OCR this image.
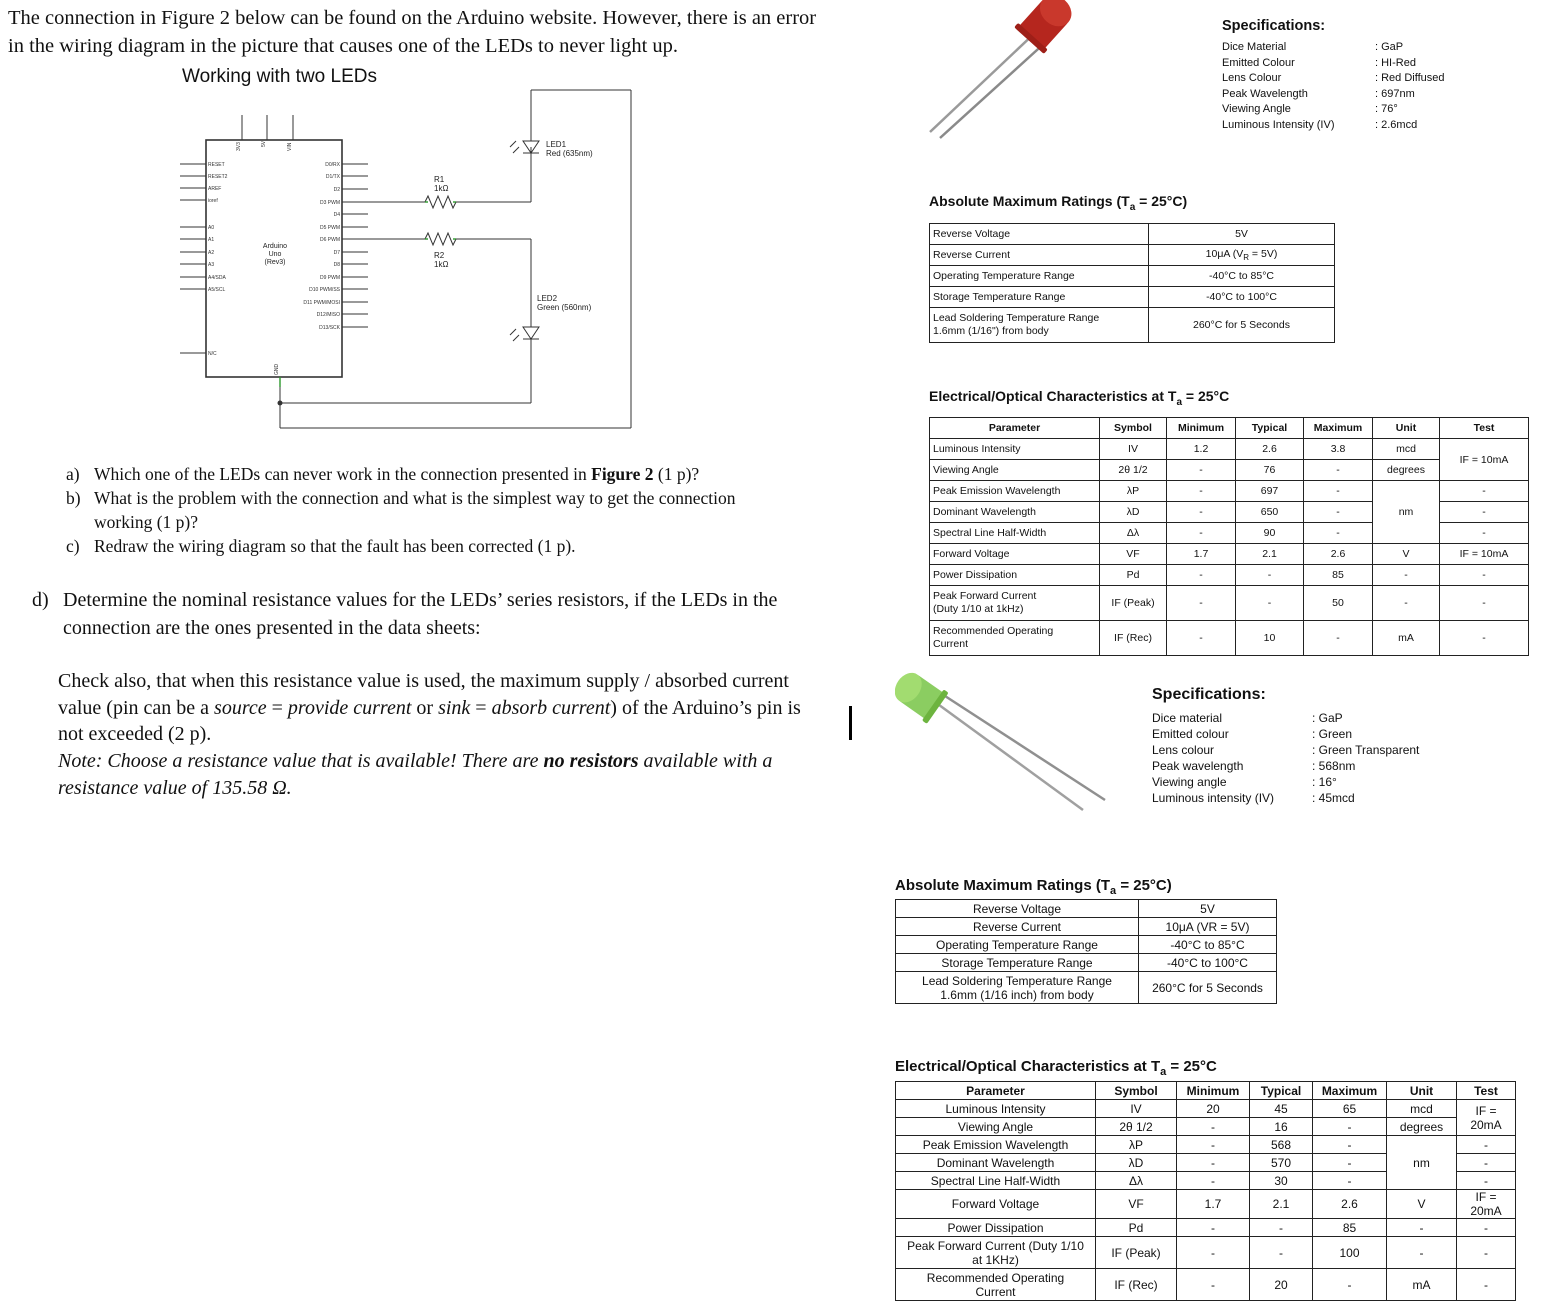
The connection in Figure 2 below can be found on the Arduino website. However, there is an error in the wiring diagram in the picture that causes one of the LEDs to never light up.
Working with two LEDs
3V3	5V	VIN
RESET
RESET2
AREF
ioref
A0
A1
A2
A3
A4/SDA
A5/SCL
N/C
D0/RX
D1/TX
D2
D3 PWM
D4
D5 PWM
D6 PWM
D7
D8
D9 PWM
D10 PWM/SS
D11 PWM/MOSI
D12/MISO
D13/SCK
GND
Arduino
Uno
(Rev3)
R1
1kΩ
R2
1kΩ
LED1
Red (635nm)
LED2
Green (560nm)
a) Which one of the LEDs can never work in the connection presented in Figure 2 (1 p)?
b) What is the problem with the connection and what is the simplest way to get the connection working (1 p)?
c) Redraw the wiring diagram so that the fault has been corrected (1 p).
d) Determine the nominal resistance values for the LEDs’ series resistors, if the LEDs in the connection are the ones presented in the data sheets:
Check also, that when this resistance value is used, the maximum supply / absorbed current value (pin can be a source = provide current or sink = absorb current) of the Arduino’s pin is not exceeded (2 p).
Note: Choose a resistance value that is available! There are no resistors available with a resistance value of 135.58 Ω.
Specifications:
Dice Material	: GaP
Emitted Colour	: HI-Red
Lens Colour	: Red Diffused
Peak Wavelength	: 697nm
Viewing Angle	: 76°
Luminous Intensity (IV)	: 2.6mcd
Absolute Maximum Ratings $(T_a = 25^\circ C)$
Reverse Voltage	5V
Reverse Current	10μA $(V_R = 5V)$
Operating Temperature Range	-40°C to 85°C
Storage Temperature Range	-40°C to 100°C
Lead Soldering Temperature Range
1.6mm (1/16") from body	260°C for 5 Seconds
Electrical/Optical Characteristics at $T_a = 25^\circ C$
Parameter	Symbol	Minimum	Typical	Maximum	Unit	Test
Luminous Intensity	IV	1.2	2.6	3.8	mcd	IF = 10mA
Viewing Angle	2θ 1/2	-	76	-	degrees	
Peak Emission Wavelength	λP	-	697	-	nm	-
Dominant Wavelength	λD	-	650	-		-
Spectral Line Half-Width	Δλ	-	90	-		-
Forward Voltage	VF	1.7	2.1	2.6	V	IF = 10mA
Power Dissipation	Pd	-	-	85	-	-
Peak Forward Current
(Duty 1/10 at 1kHz)	IF (Peak)	-	-	50	-	-
Recommended Operating
Current	IF (Rec)	-	10	-	mA	-
Specifications:
Dice material	: GaP
Emitted colour	: Green
Lens colour	: Green Transparent
Peak wavelength	: 568nm
Viewing angle	: 16°
Luminous intensity (IV)	: 45mcd
Absolute Maximum Ratings $(T_a = 25^\circ C)$
Reverse Voltage	5V
Reverse Current	10μA (VR = 5V)
Operating Temperature Range	-40°C to 85°C
Storage Temperature Range	-40°C to 100°C
Lead Soldering Temperature Range
1.6mm (1/16 inch) from body	260°C for 5 Seconds
Electrical/Optical Characteristics at $T_a = 25^\circ C$
Parameter	Symbol	Minimum	Typical	Maximum	Unit	Test
Luminous Intensity	IV	20	45	65	mcd	IF = 20mA
Viewing Angle	2θ 1/2	-	16	-	degrees	
Peak Emission Wavelength	λP	-	568	-	nm	-
Dominant Wavelength	λD	-	570	-		-
Spectral Line Half-Width	Δλ	-	30	-		-
Forward Voltage	VF	1.7	2.1	2.6	V	IF = 20mA
Power Dissipation	Pd	-	-	85	-	-
Peak Forward Current (Duty 1/10
at 1KHz)	IF (Peak)	-	-	100	-	-
Recommended Operating
Current	IF (Rec)	-	20	-	mA	-
